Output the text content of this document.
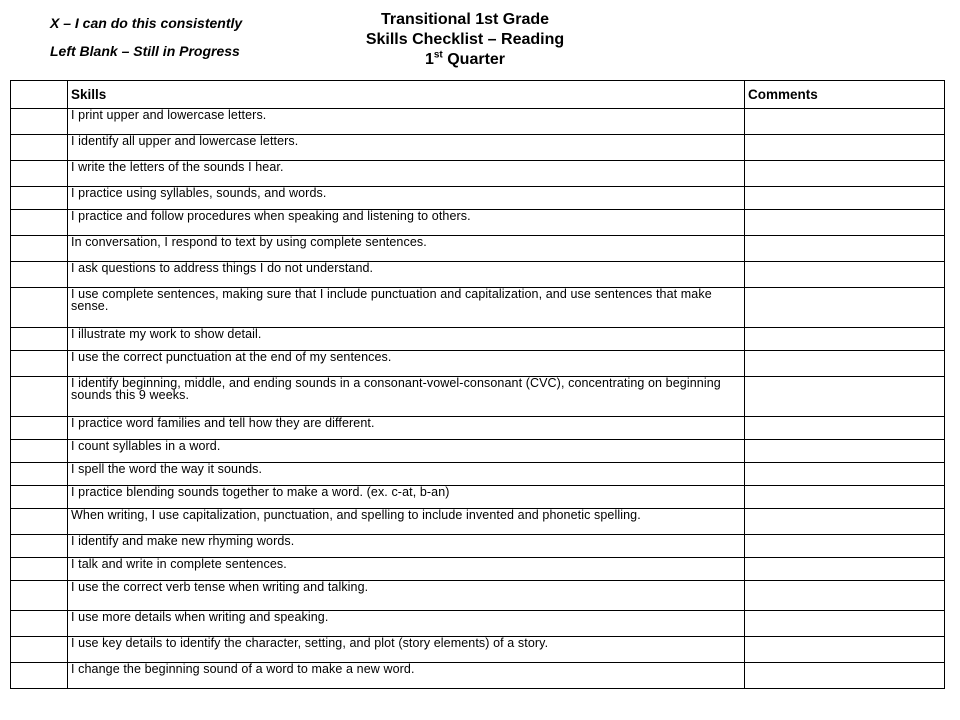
X – I can do this consistently
Left Blank – Still in Progress
Transitional 1st Grade
Skills Checklist – Reading
1st Quarter
	Skills	Comments
	I print upper and lowercase letters.	
	I identify all upper and lowercase letters.	
	I write the letters of the sounds I hear.	
	I practice using syllables, sounds, and words.	
	I practice and follow procedures when speaking and listening to others.	
	In conversation, I respond to text by using complete sentences.	
	I ask questions to address things I do not understand.	
	I use complete sentences, making sure that I include punctuation and capitalization, and use sentences that make sense.	
	I illustrate my work to show detail.	
	I use the correct punctuation at the end of my sentences.	
	I identify beginning, middle, and ending sounds in a consonant-vowel-consonant (CVC), concentrating on beginning sounds this 9 weeks.	
	I practice word families and tell how they are different.	
	I count syllables in a word.	
	I spell the word the way it sounds.	
	I practice blending sounds together to make a word. (ex. c-at, b-an)	
	When writing, I use capitalization, punctuation, and spelling to include invented and phonetic spelling.	
	I identify and make new rhyming words.	
	I talk and write in complete sentences.	
	I use the correct verb tense when writing and talking.	
	I use more details when writing and speaking.	
	I use key details to identify the character, setting, and plot (story elements) of a story.	
	I change the beginning sound of a word to make a new word.	
